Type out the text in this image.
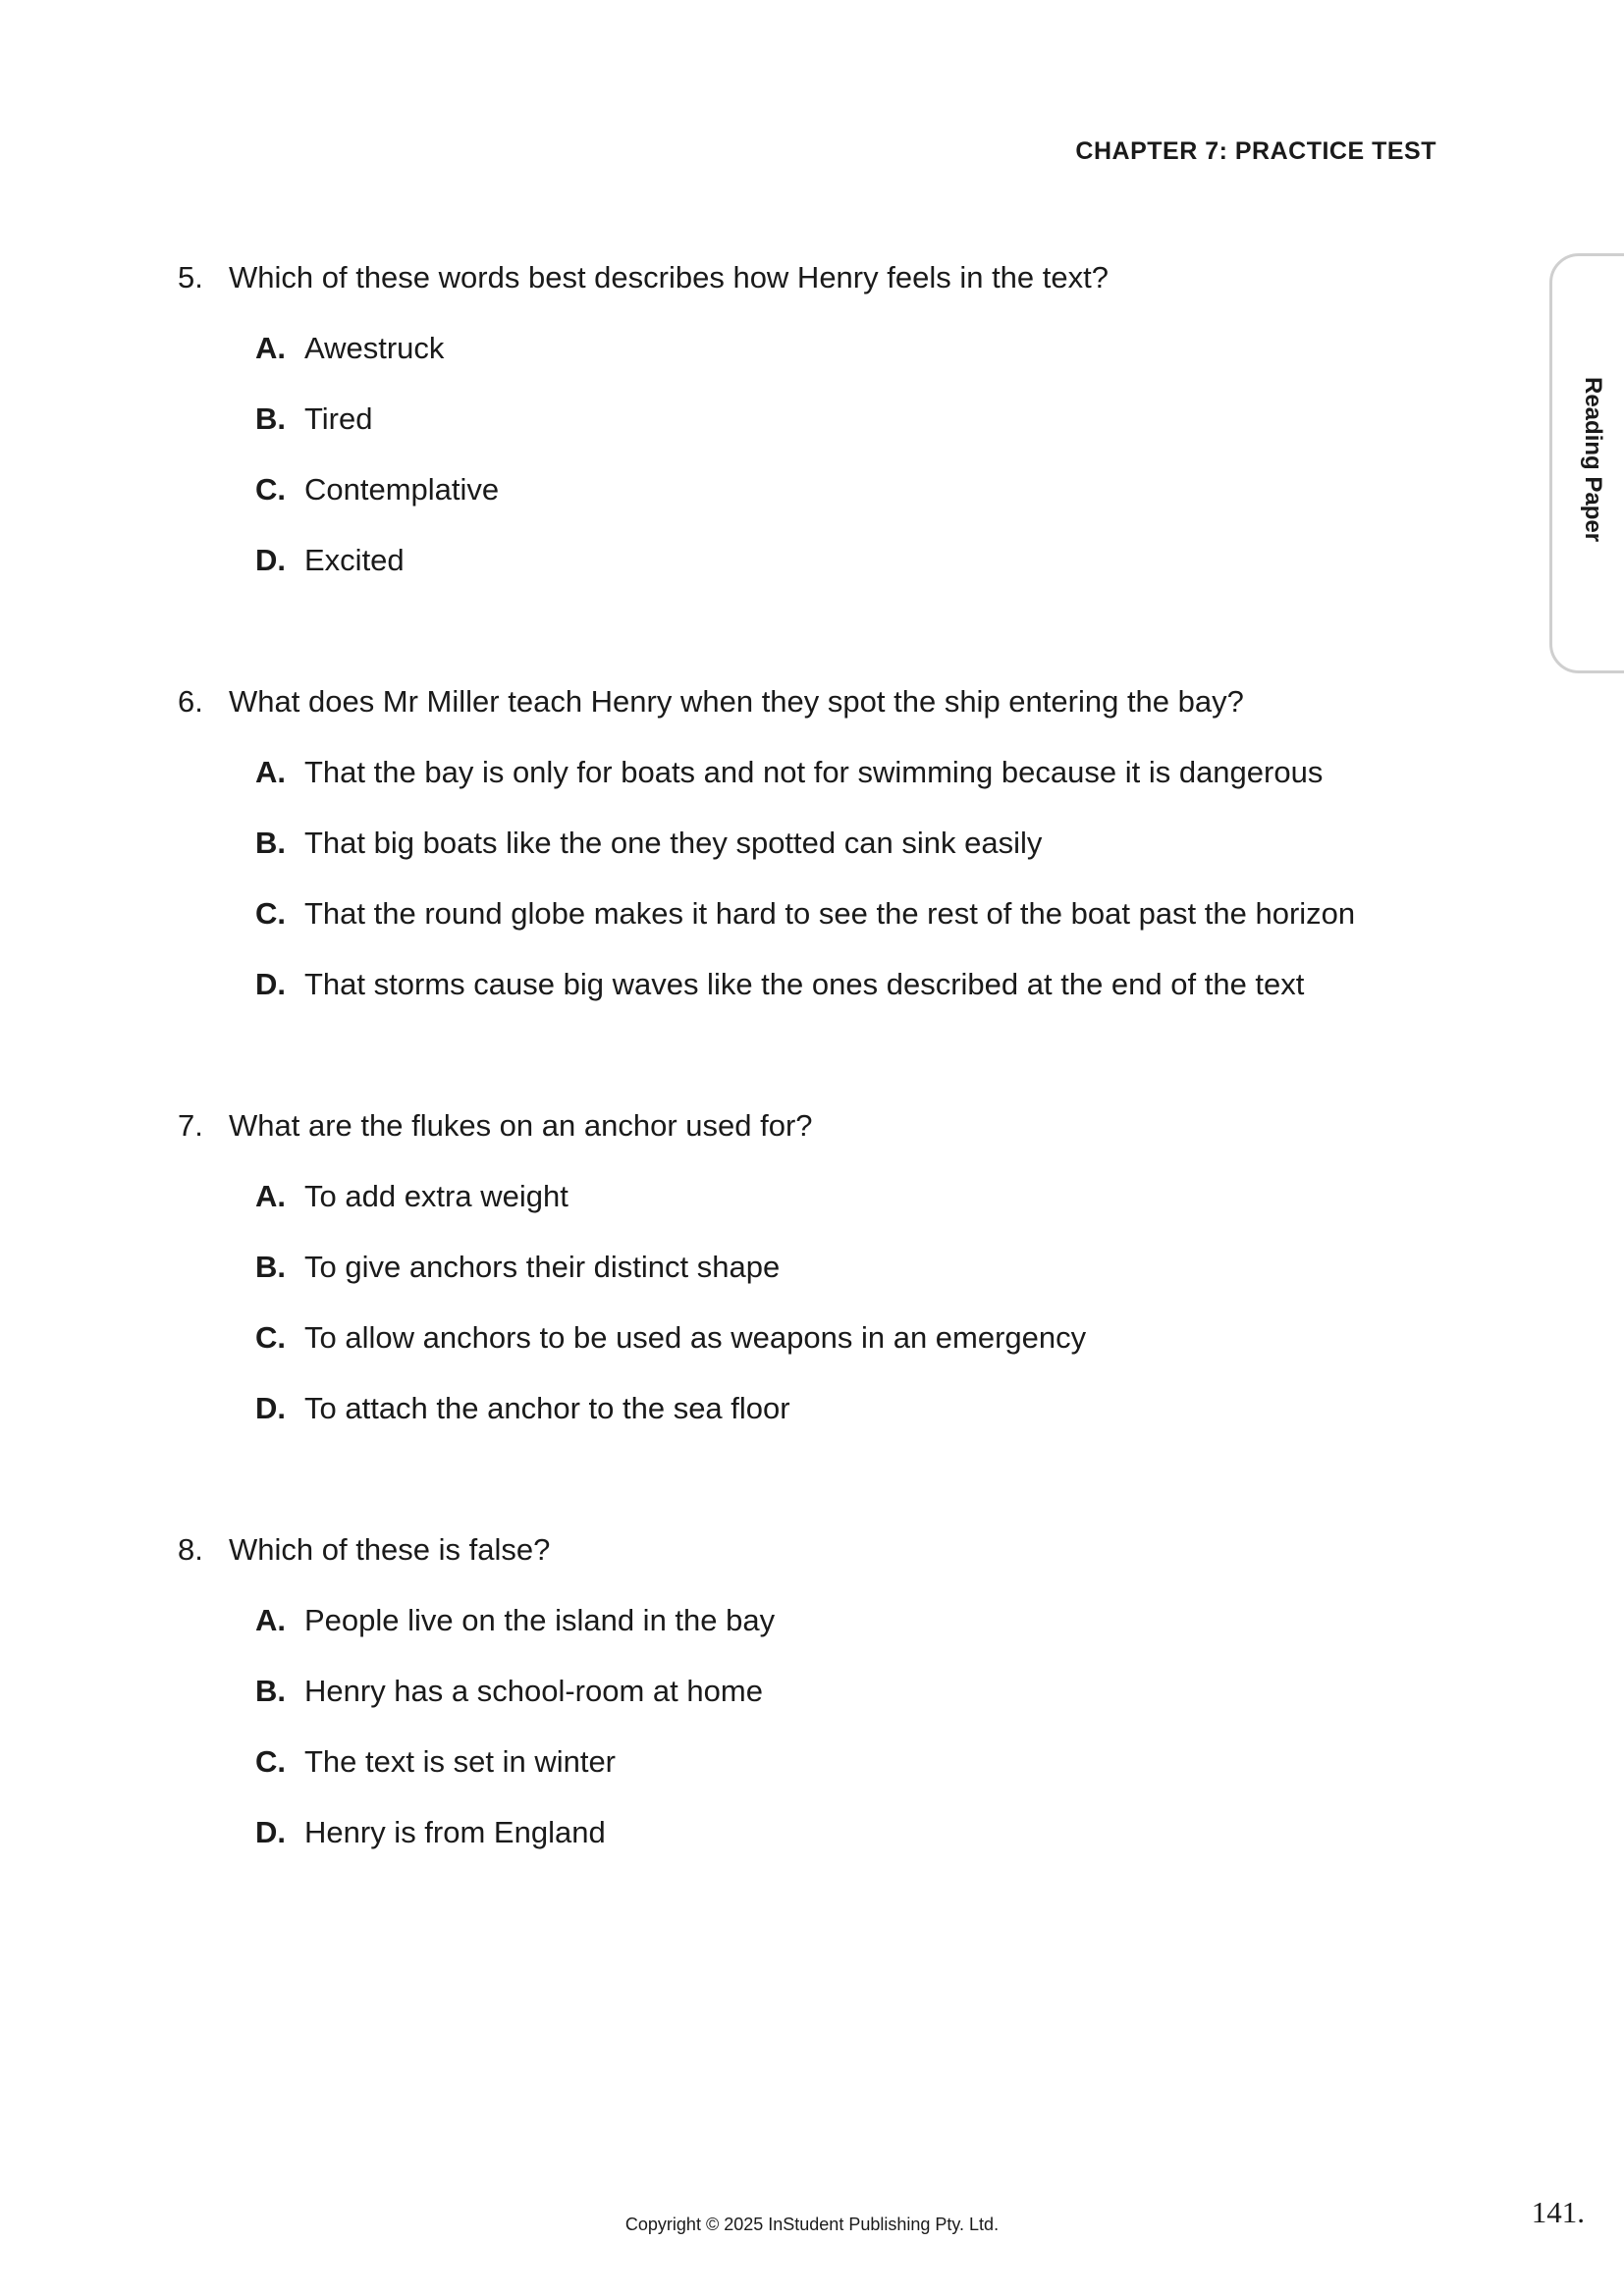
CHAPTER 7: PRACTICE TEST
Reading Paper
5. Which of these words best describes how Henry feels in the text?
A. Awestruck
B. Tired
C. Contemplative
D. Excited
6. What does Mr Miller teach Henry when they spot the ship entering the bay?
A. That the bay is only for boats and not for swimming because it is dangerous
B. That big boats like the one they spotted can sink easily
C. That the round globe makes it hard to see the rest of the boat past the horizon
D. That storms cause big waves like the ones described at the end of the text
7. What are the flukes on an anchor used for?
A. To add extra weight
B. To give anchors their distinct shape
C. To allow anchors to be used as weapons in an emergency
D. To attach the anchor to the sea floor
8. Which of these is false?
A. People live on the island in the bay
B. Henry has a school-room at home
C. The text is set in winter
D. Henry is from England
Copyright © 2025 InStudent Publishing Pty. Ltd.	141.
